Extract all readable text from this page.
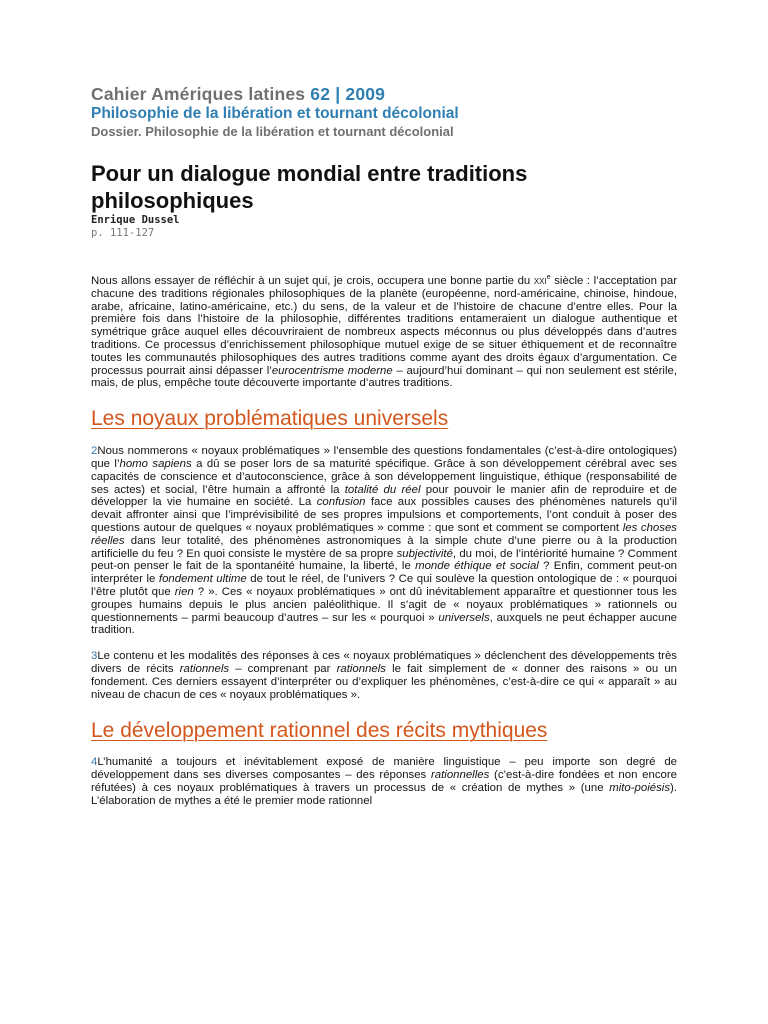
Cahier Amériques latines 62 | 2009
Philosophie de la libération et tournant décolonial
Dossier. Philosophie de la libération et tournant décolonial
Pour un dialogue mondial entre traditions philosophiques
Enrique Dussel
p. 111-127

Nous allons essayer de réfléchir à un sujet qui, je crois, occupera une bonne partie du xxi$^e$ siècle : l’acceptation par chacune des traditions régionales philosophiques de la planète (européenne, nord-américaine, chinoise, hindoue, arabe, africaine, latino-américaine, etc.) du sens, de la valeur et de l’histoire de chacune d’entre elles. Pour la première fois dans l’histoire de la philosophie, différentes traditions entameraient un dialogue authentique et symétrique grâce auquel elles découvriraient de nombreux aspects méconnus ou plus développés dans d’autres traditions. Ce processus d’enrichissement philosophique mutuel exige de se situer éthiquement et de reconnaître toutes les communautés philosophiques des autres traditions comme ayant des droits égaux d’argumentation. Ce processus pourrait ainsi dépasser l’eurocentrisme moderne – aujourd’hui dominant – qui non seulement est stérile, mais, de plus, empêche toute découverte importante d’autres traditions.

Les noyaux problématiques universels

2Nous nommerons « noyaux problématiques » l’ensemble des questions fondamentales (c’est-à-dire ontologiques) que l’homo sapiens a dû se poser lors de sa maturité spécifique. Grâce à son développement cérébral avec ses capacités de conscience et d’autoconscience, grâce à son développement linguistique, éthique (responsabilité de ses actes) et social, l’être humain a affronté la totalité du réel pour pouvoir le manier afin de reproduire et de développer la vie humaine en société. La confusion face aux possibles causes des phénomènes naturels qu’il devait affronter ainsi que l’imprévisibilité de ses propres impulsions et comportements, l’ont conduit à poser des questions autour de quelques « noyaux problématiques » comme : que sont et comment se comportent les choses réelles dans leur totalité, des phénomènes astronomiques à la simple chute d’une pierre ou à la production artificielle du feu ? En quoi consiste le mystère de sa propre subjectivité, du moi, de l’intériorité humaine ? Comment peut-on penser le fait de la spontanéité humaine, la liberté, le monde éthique et social ? Enfin, comment peut-on interpréter le fondement ultime de tout le réel, de l’univers ? Ce qui soulève la question ontologique de : « pourquoi l’être plutôt que rien ? ». Ces « noyaux problématiques » ont dû inévitablement apparaître et questionner tous les groupes humains depuis le plus ancien paléolithique. Il s’agit de « noyaux problématiques » rationnels ou questionnements – parmi beaucoup d’autres – sur les « pourquoi » universels, auxquels ne peut échapper aucune tradition.

3Le contenu et les modalités des réponses à ces « noyaux problématiques » déclenchent des développements très divers de récits rationnels – comprenant par rationnels le fait simplement de « donner des raisons » ou un fondement. Ces derniers essayent d’interpréter ou d’expliquer les phénomènes, c’est-à-dire ce qui « apparaît » au niveau de chacun de ces « noyaux problématiques ».

Le développement rationnel des récits mythiques

4L’humanité a toujours et inévitablement exposé de manière linguistique – peu importe son degré de développement dans ses diverses composantes – des réponses rationnelles (c’est-à-dire fondées et non encore réfutées) à ces noyaux problématiques à travers un processus de « création de mythes » (une mito-poiésis). L’élaboration de mythes a été le premier mode rationnel
